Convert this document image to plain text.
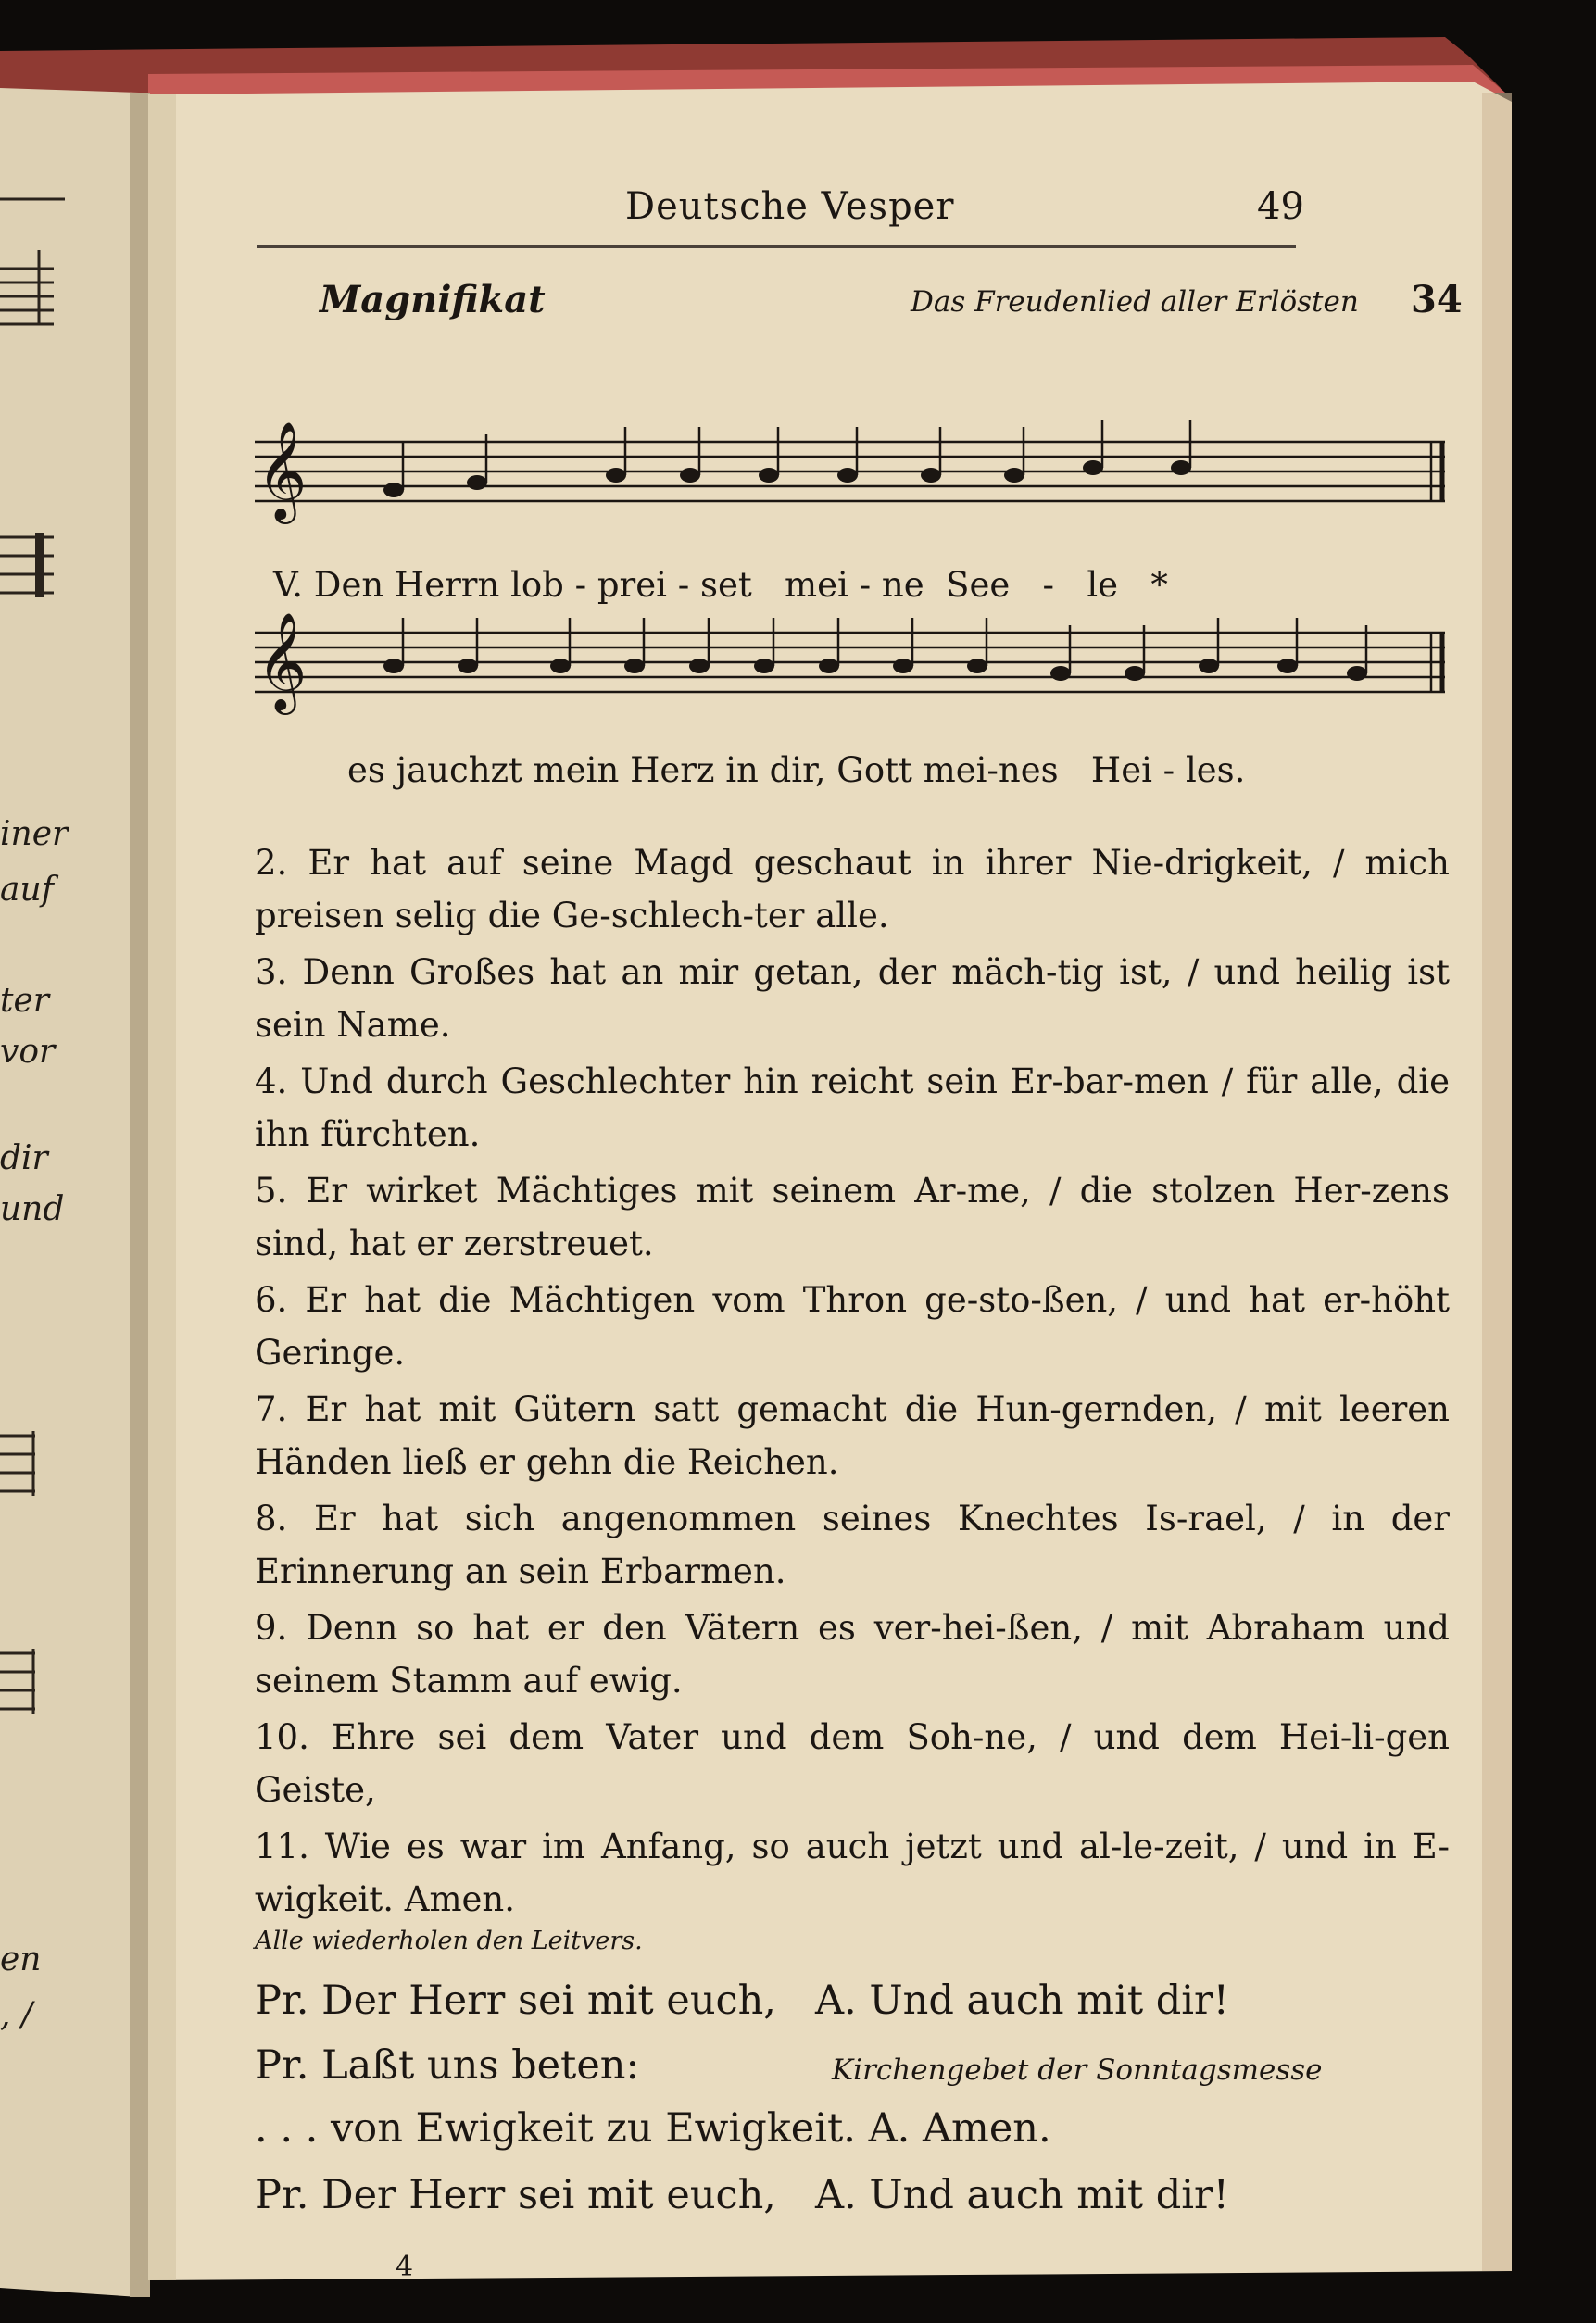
iner
auf
ter
vor
dir
und
en
, /
Deutsche Vesper	49
Magnifikat	Das Freudenlied aller Erlösten 34
𝄞
𝄞
V. Den Herrn lob - prei - set   mei - ne  See   -   le   *
es jauchzt mein Herz in dir, Gott mei-nes   Hei - les.

2. Er hat auf seine Magd geschaut in ihrer Nie-drigkeit, / mich preisen selig die Ge-schlech-ter alle.

3. Denn Großes hat an mir getan, der mäch-tig ist, / und heilig ist sein Name.

4. Und durch Geschlechter hin reicht sein Er-bar-men / für alle, die ihn fürchten.

5. Er wirket Mächtiges mit seinem Ar-me, / die stolzen Her-zens sind, hat er zerstreuet.

6. Er hat die Mächtigen vom Thron ge-sto-ßen, / und hat er-höht Geringe.

7. Er hat mit Gütern satt gemacht die Hun-gernden, / mit leeren Händen ließ er gehn die Reichen.

8. Er hat sich angenommen seines Knechtes Is-rael, / in der Erinnerung an sein Erbarmen.

9. Denn so hat er den Vätern es ver-hei-ßen, / mit Abraham und seinem Stamm auf ewig.

10. Ehre sei dem Vater und dem Soh-ne, / und dem Hei-li-gen Geiste,

11. Wie es war im Anfang, so auch jetzt und al-le-zeit, / und in E-wigkeit. Amen.

Alle wiederholen den Leitvers.
Pr. Der Herr sei mit euch, A. Und auch mit dir!
Pr. Laßt uns beten:	Kirchengebet der Sonntagsmesse
. . . von Ewigkeit zu Ewigkeit. A. Amen.
Pr. Der Herr sei mit euch, A. Und auch mit dir!
4
